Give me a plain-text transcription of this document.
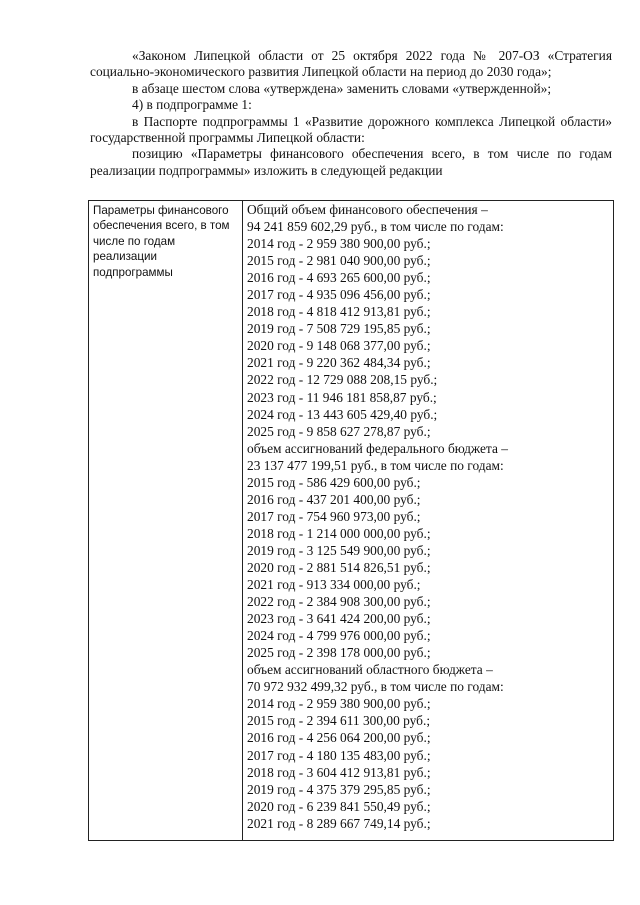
«Законом Липецкой области от 25 октября 2022 года № 207-ОЗ «Стратегия социально-экономического развития Липецкой области на период до 2030 года»;

в абзаце шестом слова «утверждена» заменить словами «утвержденной»;

4) в подпрограмме 1:

в Паспорте подпрограммы 1 «Развитие дорожного комплекса Липецкой области» государственной программы Липецкой области:

позицию «Параметры финансового обеспечения всего, в том числе по годам реализации подпрограммы» изложить в следующей редакции

Параметры финансового обеспечения всего, в том числе по годам реализации подпрограммы
Общий объем финансового обеспечения –
94 241 859 602,29 руб., в том числе по годам:
2014 год - 2 959 380 900,00 руб.;
2015 год - 2 981 040 900,00 руб.;
2016 год - 4 693 265 600,00 руб.;
2017 год - 4 935 096 456,00 руб.;
2018 год - 4 818 412 913,81 руб.;
2019 год - 7 508 729 195,85 руб.;
2020 год - 9 148 068 377,00 руб.;
2021 год - 9 220 362 484,34 руб.;
2022 год - 12 729 088 208,15 руб.;
2023 год - 11 946 181 858,87 руб.;
2024 год - 13 443 605 429,40 руб.;
2025 год - 9 858 627 278,87 руб.;
объем ассигнований федерального бюджета –
23 137 477 199,51 руб., в том числе по годам:
2015 год - 586 429 600,00 руб.;
2016 год - 437 201 400,00 руб.;
2017 год - 754 960 973,00 руб.;
2018 год - 1 214 000 000,00 руб.;
2019 год - 3 125 549 900,00 руб.;
2020 год - 2 881 514 826,51 руб.;
2021 год - 913 334 000,00 руб.;
2022 год - 2 384 908 300,00 руб.;
2023 год - 3 641 424 200,00 руб.;
2024 год - 4 799 976 000,00 руб.;
2025 год - 2 398 178 000,00 руб.;
объем ассигнований областного бюджета –
70 972 932 499,32 руб., в том числе по годам:
2014 год - 2 959 380 900,00 руб.;
2015 год - 2 394 611 300,00 руб.;
2016 год - 4 256 064 200,00 руб.;
2017 год - 4 180 135 483,00 руб.;
2018 год - 3 604 412 913,81 руб.;
2019 год - 4 375 379 295,85 руб.;
2020 год - 6 239 841 550,49 руб.;
2021 год - 8 289 667 749,14 руб.;
